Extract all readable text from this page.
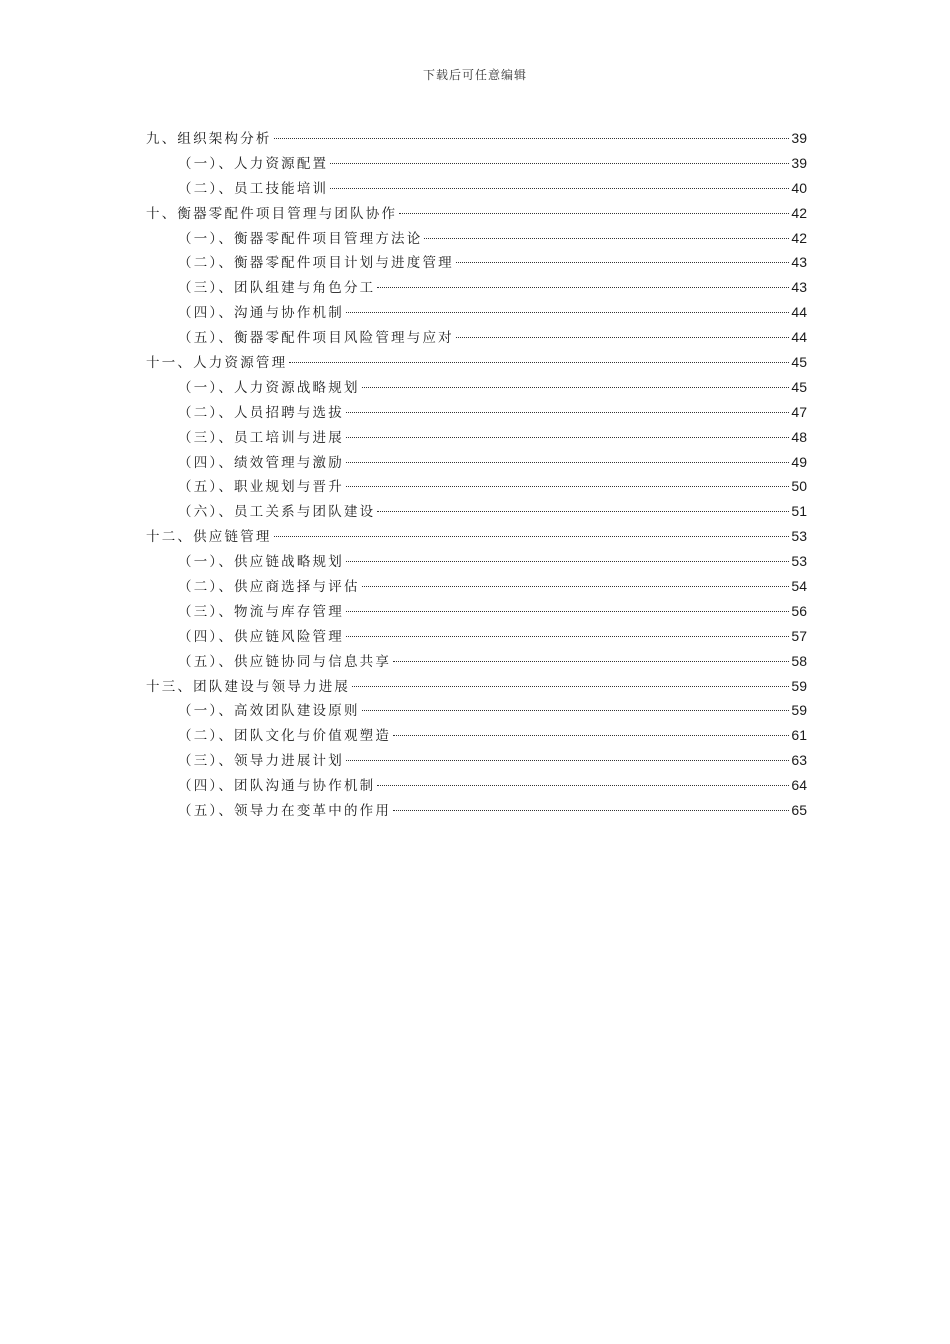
下载后可任意编辑
九、组织架构分析	39
（一）、人力资源配置	39
（二）、员工技能培训	40
十、衡器零配件项目管理与团队协作	42
（一）、衡器零配件项目管理方法论	42
（二）、衡器零配件项目计划与进度管理	43
（三）、团队组建与角色分工	43
（四）、沟通与协作机制	44
（五）、衡器零配件项目风险管理与应对	44
十一、人力资源管理	45
（一）、人力资源战略规划	45
（二）、人员招聘与选拔	47
（三）、员工培训与进展	48
（四）、绩效管理与激励	49
（五）、职业规划与晋升	50
（六）、员工关系与团队建设	51
十二、供应链管理	53
（一）、供应链战略规划	53
（二）、供应商选择与评估	54
（三）、物流与库存管理	56
（四）、供应链风险管理	57
（五）、供应链协同与信息共享	58
十三、团队建设与领导力进展	59
（一）、高效团队建设原则	59
（二）、团队文化与价值观塑造	61
（三）、领导力进展计划	63
（四）、团队沟通与协作机制	64
（五）、领导力在变革中的作用	65
